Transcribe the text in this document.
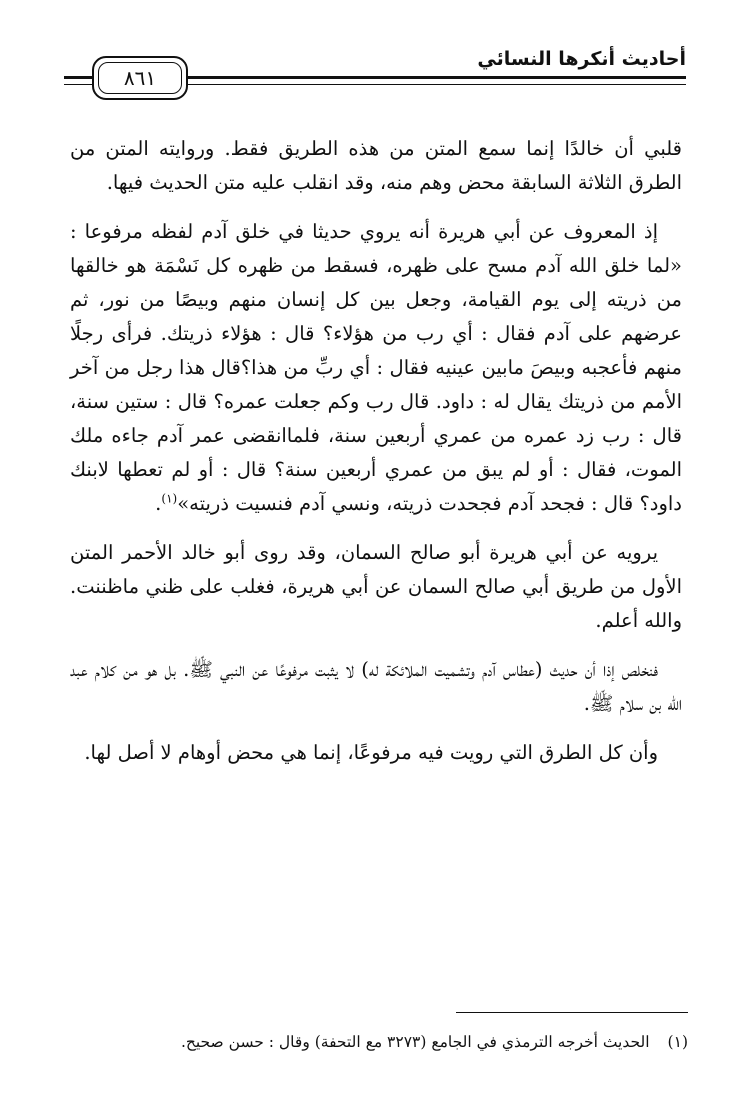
أحاديث أنكرها النسائي
٨٦١

قلبي أن خالدًا إنما سمع المتن من هذه الطريق فقط. وروايته المتن من الطرق الثلاثة السابقة محض وهم منه، وقد انقلب عليه متن الحديث فيها.

إذ المعروف عن أبي هريرة أنه يروي حديثا في خلق آدم لفظه مرفوعا : «لما خلق الله آدم مسح على ظهره، فسقط من ظهره كل نَسْمَة هو خالقها من ذريته إلى يوم القيامة، وجعل بين كل إنسان منهم وبيصًا من نور، ثم عرضهم على آدم فقال : أي رب من هؤلاء؟ قال : هؤلاء ذريتك. فرأى رجلًا منهم فأعجبه وبيصَ مابين عينيه فقال : أي ربِّ من هذا؟قال هذا رجل من آخر الأمم من ذريتك يقال له : داود. قال رب وكم جعلت عمره؟ قال : ستين سنة، قال : رب زد عمره من عمري أربعين سنة، فلماانقضى عمر آدم جاءه ملك الموت، فقال : أو لم يبق من عمري أربعين سنة؟ قال : أو لم تعطها لابنك داود؟ قال : فجحد آدم فجحدت ذريته، ونسي آدم فنسيت ذريته»$^{(١)}$.

يرويه عن أبي هريرة أبو صالح السمان، وقد روى أبو خالد الأحمر المتن الأول من طريق أبي صالح السمان عن أبي هريرة، فغلب على ظني ماظننت. والله أعلم.

فنخلص إذا أن حديث (عطاس آدم وتشميت الملائكة له) لا يثبت مرفوعًا عن النبي ﷺ. بل هو من كلام عبد الله بن سلام ﷺ.

وأن كل الطرق التي رويت فيه مرفوعًا، إنما هي محض أوهام لا أصل لها.

(١)الحديث أخرجه الترمذي في الجامع (٣٢٧٣ مع التحفة) وقال : حسن صحيح.
